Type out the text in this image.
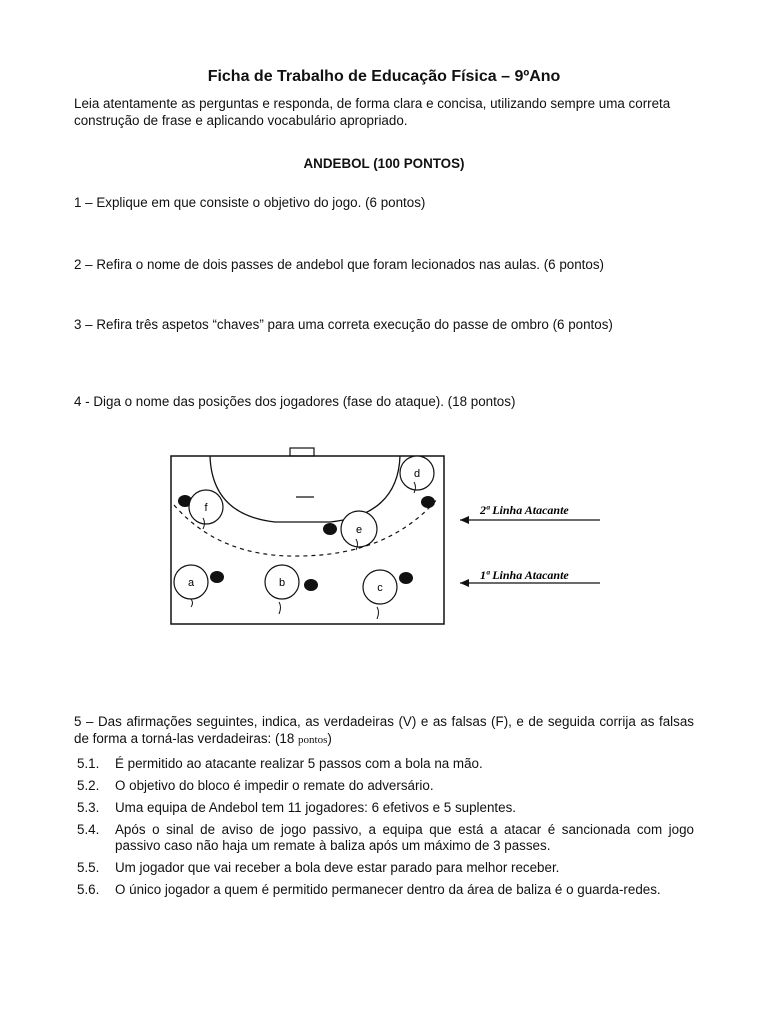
Ficha de Trabalho de Educação Física – 9ºAno
Leia atentamente as perguntas e responda, de forma clara e concisa, utilizando sempre uma correta construção de frase e aplicando vocabulário apropriado.
ANDEBOL (100 PONTOS)
1 – Explique em que consiste o objetivo do jogo. (6 pontos)
2 – Refira o nome de dois passes de andebol que foram lecionados nas aulas. (6 pontos)
3 – Refira três aspetos “chaves” para uma correta execução do passe de ombro (6 pontos)
4 - Diga o nome das posições dos jogadores (fase do ataque). (18 pontos)
a	b	c
d
e
f	2ª Linha Atacante
1ª Linha Atacante
5 – Das afirmações seguintes, indica, as verdadeiras (V) e as falsas (F), e de seguida corrija as falsas de forma a torná-las verdadeiras: (18 pontos)
5.1. É permitido ao atacante realizar 5 passos com a bola na mão.
5.2. O objetivo do bloco é impedir o remate do adversário.
5.3. Uma equipa de Andebol tem 11 jogadores: 6 efetivos e 5 suplentes.
5.4. Após o sinal de aviso de jogo passivo, a equipa que está a atacar é sancionada com jogo passivo caso não haja um remate à baliza após um máximo de 3 passes.
5.5. Um jogador que vai receber a bola deve estar parado para melhor receber.
5.6. O único jogador a quem é permitido permanecer dentro da área de baliza é o guarda-redes.
